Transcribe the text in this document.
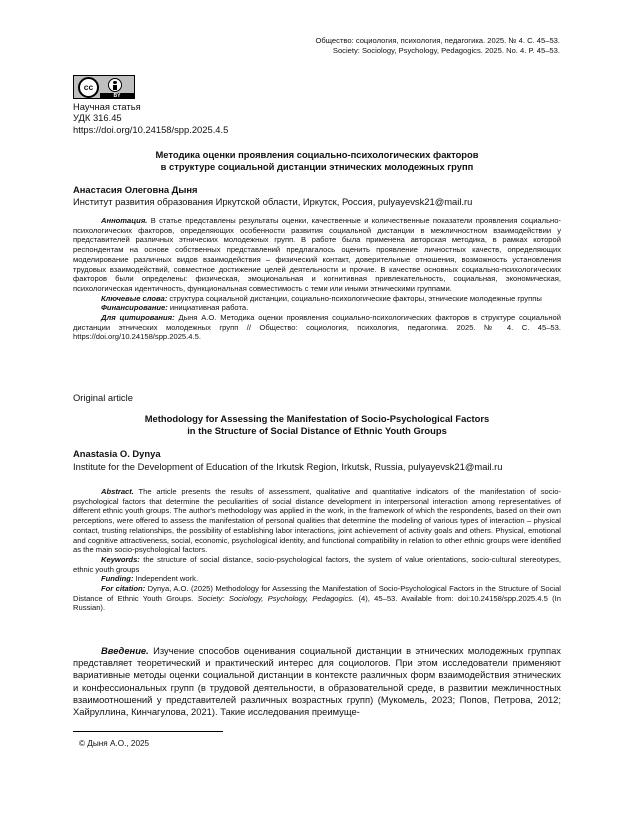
Общество: социология, психология, педагогика. 2025. № 4. С. 45–53.
Society: Sociology, Psychology, Pedagogics. 2025. No. 4. P. 45–53.
cc
BY
Научная статья
УДК 316.45
https://doi.org/10.24158/spp.2025.4.5
Методика оценки проявления социально-психологических факторов
в структуре социальной дистанции этнических молодежных групп
Анастасия Олеговна Дыня
Институт развития образования Иркутской области, Иркутск, Россия, pulyayevsk21@mail.ru

Аннотация. В статье представлены результаты оценки, качественные и количественные показатели проявления социально-психологических факторов, определяющих особенности развития социальной дистанции в межличностном взаимодействии у представителей различных этнических молодежных групп. В работе была применена авторская методика, в рамках которой респондентам на основе собственных представлений предлагалось оценить проявление личностных качеств, определяющих моделирование различных видов взаимодействия – физический контакт, доверительные отношения, возможность установления трудовых взаимодействий, совместное достижение целей деятельности и прочие. В качестве основных социально-психологических факторов были определены: физическая, эмоциональная и когнитивная привлекательность, социальная, экономическая, психологическая идентичность, функциональная совместимость с теми или иными этническими группами.

Ключевые слова: структура социальной дистанции, социально-психологические факторы, этнические молодежные группы

Финансирование: инициативная работа.

Для цитирования: Дыня А.О. Методика оценки проявления социально-психологических факторов в структуре социальной дистанции этнических молодежных групп // Общество: социология, психология, педагогика. 2025. № 4. С. 45–53. https://doi.org/10.24158/spp.2025.4.5.

Original article
Methodology for Assessing the Manifestation of Socio-Psychological Factors
in the Structure of Social Distance of Ethnic Youth Groups
Anastasia O. Dynya
Institute for the Development of Education of the Irkutsk Region, Irkutsk, Russia, pulyayevsk21@mail.ru

Abstract. The article presents the results of assessment, qualitative and quantitative indicators of the manifestation of socio-psychological factors that determine the peculiarities of social distance development in interpersonal interaction among representatives of different ethnic youth groups. The author's methodology was applied in the work, in the framework of which the respondents, based on their own perceptions, were offered to assess the manifestation of personal qualities that determine the modeling of various types of interaction – physical contact, trusting relationships, the possibility of establishing labor interactions, joint achievement of activity goals and others. Physical, emotional and cognitive attractiveness, social, economic, psychological identity, and functional compatibility in relation to other ethnic groups were identified as the main socio-psychological factors.

Keywords: the structure of social distance, socio-psychological factors, the system of value orientations, socio-cultural stereotypes, ethnic youth groups

Funding: Independent work.

For citation: Dynya, A.O. (2025) Methodology for Assessing the Manifestation of Socio-Psychological Factors in the Structure of Social Distance of Ethnic Youth Groups. Society: Sociology, Psychology, Pedagogics. (4), 45–53. Available from: doi:10.24158/spp.2025.4.5 (In Russian).

Введение. Изучение способов оценивания социальной дистанции в этнических молодежных группах представляет теоретический и практический интерес для социологов. При этом исследователи применяют вариативные методы оценки социальной дистанции в контексте различных форм взаимодействия этнических и конфессиональных групп (в трудовой деятельности, в образовательной среде, в развитии межличностных взаимоотношений у представителей различных возрастных групп) (Мукомель, 2023; Попов, Петрова, 2012; Хайруллина, Кинчагулова, 2021). Такие исследования преимуще-

© Дыня А.О., 2025
